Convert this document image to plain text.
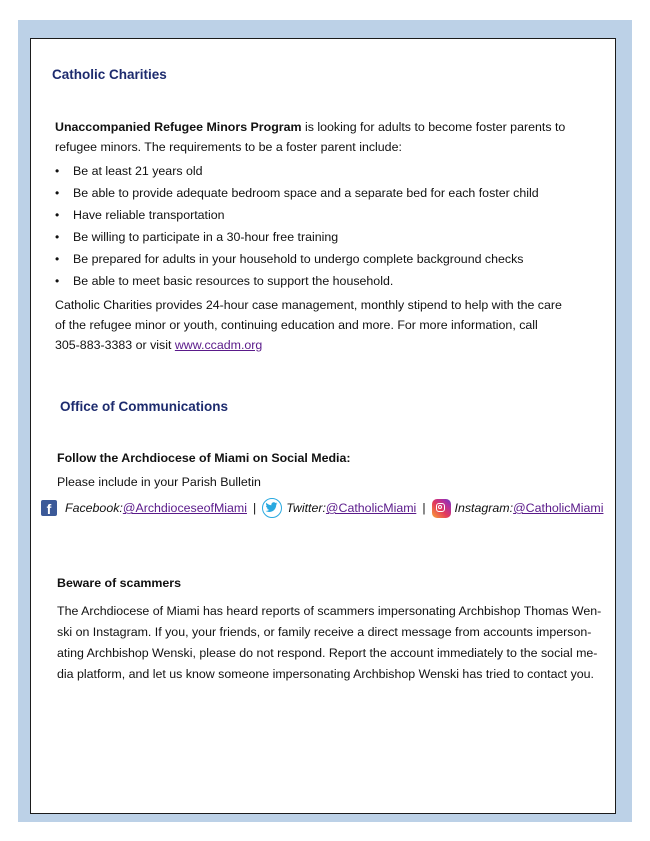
Catholic Charities

Unaccompanied Refugee Minors Program is looking for adults to become foster parents to
refugee minors. The requirements to be a foster parent include:

• Be at least 21 years old
• Be able to provide adequate bedroom space and a separate bed for each foster child
• Have reliable transportation
• Be willing to participate in a 30-hour free training
• Be prepared for adults in your household to undergo complete background checks
• Be able to meet basic resources to support the household.

Catholic Charities provides 24-hour case management, monthly stipend to help with the care
of the refugee minor or youth, continuing education and more. For more information, call
305-883-3383 or visit www.ccadm.org

Office of Communications
Follow the Archdiocese of Miami on Social Media:
Please include in your Parish Bulletin
f	Facebook: @ArchdioceseofMiami | Twitter: @CatholicMiami | Instagram: @CatholicMiami
Beware of scammers

The Archdiocese of Miami has heard reports of scammers impersonating Archbishop Thomas Wen-
ski on Instagram. If you, your friends, or family receive a direct message from accounts imperson-
ating Archbishop Wenski, please do not respond. Report the account immediately to the social me-
dia platform, and let us know someone impersonating Archbishop Wenski has tried to contact you.
